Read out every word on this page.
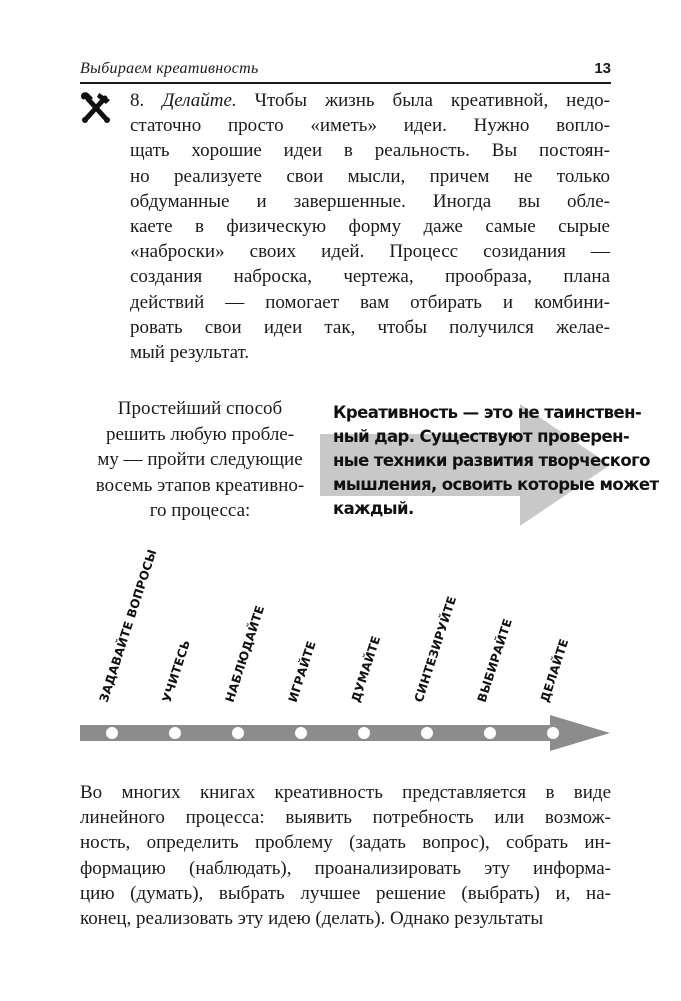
Выбираем креативность	13
8. Делайте. Чтобы жизнь была креативной, недо-
статочно просто «иметь» идеи. Нужно вопло-
щать хорошие идеи в реальность. Вы постоян-
но реализуете свои мысли, причем не только
обдуманные и завершенные. Иногда вы обле-
каете в физическую форму даже самые сырые
«наброски» своих идей. Процесс созидания —
создания наброска, чертежа, прообраза, плана
действий — помогает вам отбирать и комбини-
ровать свои идеи так, чтобы получился желае-
мый результат.
Простейший способ
решить любую пробле-
му — пройти следующие
восемь этапов креативно-
го процесса:
Креативность — это не таинствен-
ный дар. Существуют проверен-
ные техники развития творческого
мышления, освоить которые может
каждый.
ЗАДАВАЙТЕ ВОПРОСЫ УЧИТЕСЬ НАБЛЮДАЙТЕ ИГРАЙТЕ	ДУМАЙТЕ СИНТЕЗИРУЙТЕ ВЫБИРАЙТЕ ДЕЛАЙТЕ
Во многих книгах креативность представляется в виде
линейного процесса: выявить потребность или возмож-
ность, определить проблему (задать вопрос), собрать ин-
формацию (наблюдать), проанализировать эту информа-
цию (думать), выбрать лучшее решение (выбрать) и, на-
конец, реализовать эту идею (делать). Однако результаты
